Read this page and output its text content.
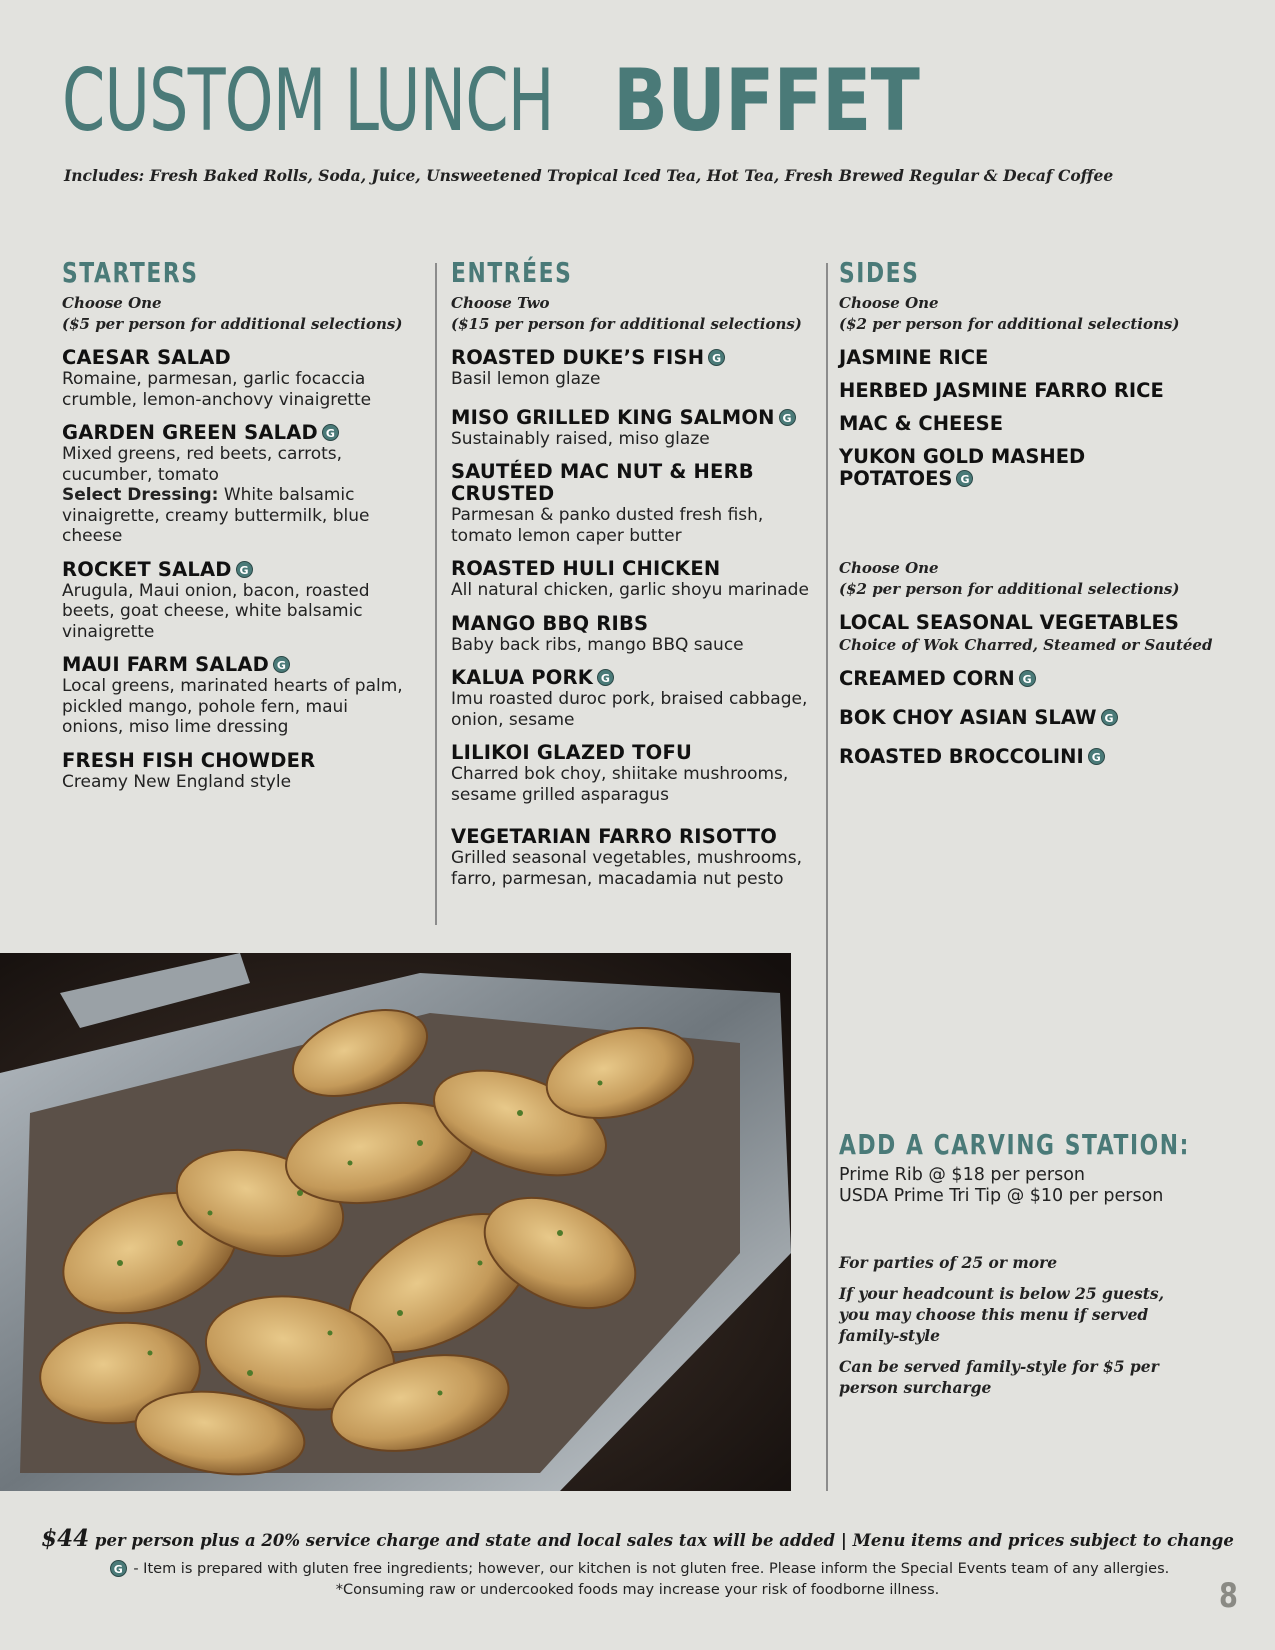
CUSTOM LUNCH BUFFET
Includes: Fresh Baked Rolls, Soda, Juice, Unsweetened Tropical Iced Tea, Hot Tea, Fresh Brewed Regular & Decaf Coffee
STARTERS
Choose One
($5 per person for additional selections)
CAESAR SALAD
Romaine, parmesan, garlic focaccia crumble, lemon-anchovy vinaigrette
GARDEN GREEN SALAD G
Mixed greens, red beets, carrots, cucumber, tomato
Select Dressing: White balsamic vinaigrette, creamy buttermilk, blue cheese
ROCKET SALAD G
Arugula, Maui onion, bacon, roasted beets, goat cheese, white balsamic vinaigrette
MAUI FARM SALAD G
Local greens, marinated hearts of palm, pickled mango, pohole fern, maui onions, miso lime dressing
FRESH FISH CHOWDER
Creamy New England style
ENTRÉES
Choose Two
($15 per person for additional selections)
ROASTED DUKE’S FISH G
Basil lemon glaze
MISO GRILLED KING SALMON G
Sustainably raised, miso glaze
SAUTÉED MAC NUT & HERB CRUSTED
Parmesan & panko dusted fresh fish, tomato lemon caper butter
ROASTED HULI CHICKEN
All natural chicken, garlic shoyu marinade
MANGO BBQ RIBS
Baby back ribs, mango BBQ sauce
KALUA PORK G
Imu roasted duroc pork, braised cabbage, onion, sesame
LILIKOI GLAZED TOFU
Charred bok choy, shiitake mushrooms, sesame grilled asparagus
VEGETARIAN FARRO RISOTTO
Grilled seasonal vegetables, mushrooms, farro, parmesan, macadamia nut pesto
SIDES
Choose One
($2 per person for additional selections)
JASMINE RICE
HERBED JASMINE FARRO RICE
MAC & CHEESE
YUKON GOLD MASHED POTATOES G
Choose One
($2 per person for additional selections)
LOCAL SEASONAL VEGETABLES
Choice of Wok Charred, Steamed or Sautéed
CREAMED CORN G
BOK CHOY ASIAN SLAW G
ROASTED BROCCOLINI G
ADD A CARVING STATION:
Prime Rib @ $18 per person
USDA Prime Tri Tip @ $10 per person
For parties of 25 or more
If your headcount is below 25 guests, you may choose this menu if served family-style
Can be served family-style for $5 per person surcharge
$44 per person plus a 20% service charge and state and local sales tax will be added | Menu items and prices subject to change
G - Item is prepared with gluten free ingredients; however, our kitchen is not gluten free. Please inform the Special Events team of any allergies.
*Consuming raw or undercooked foods may increase your risk of foodborne illness.	8
